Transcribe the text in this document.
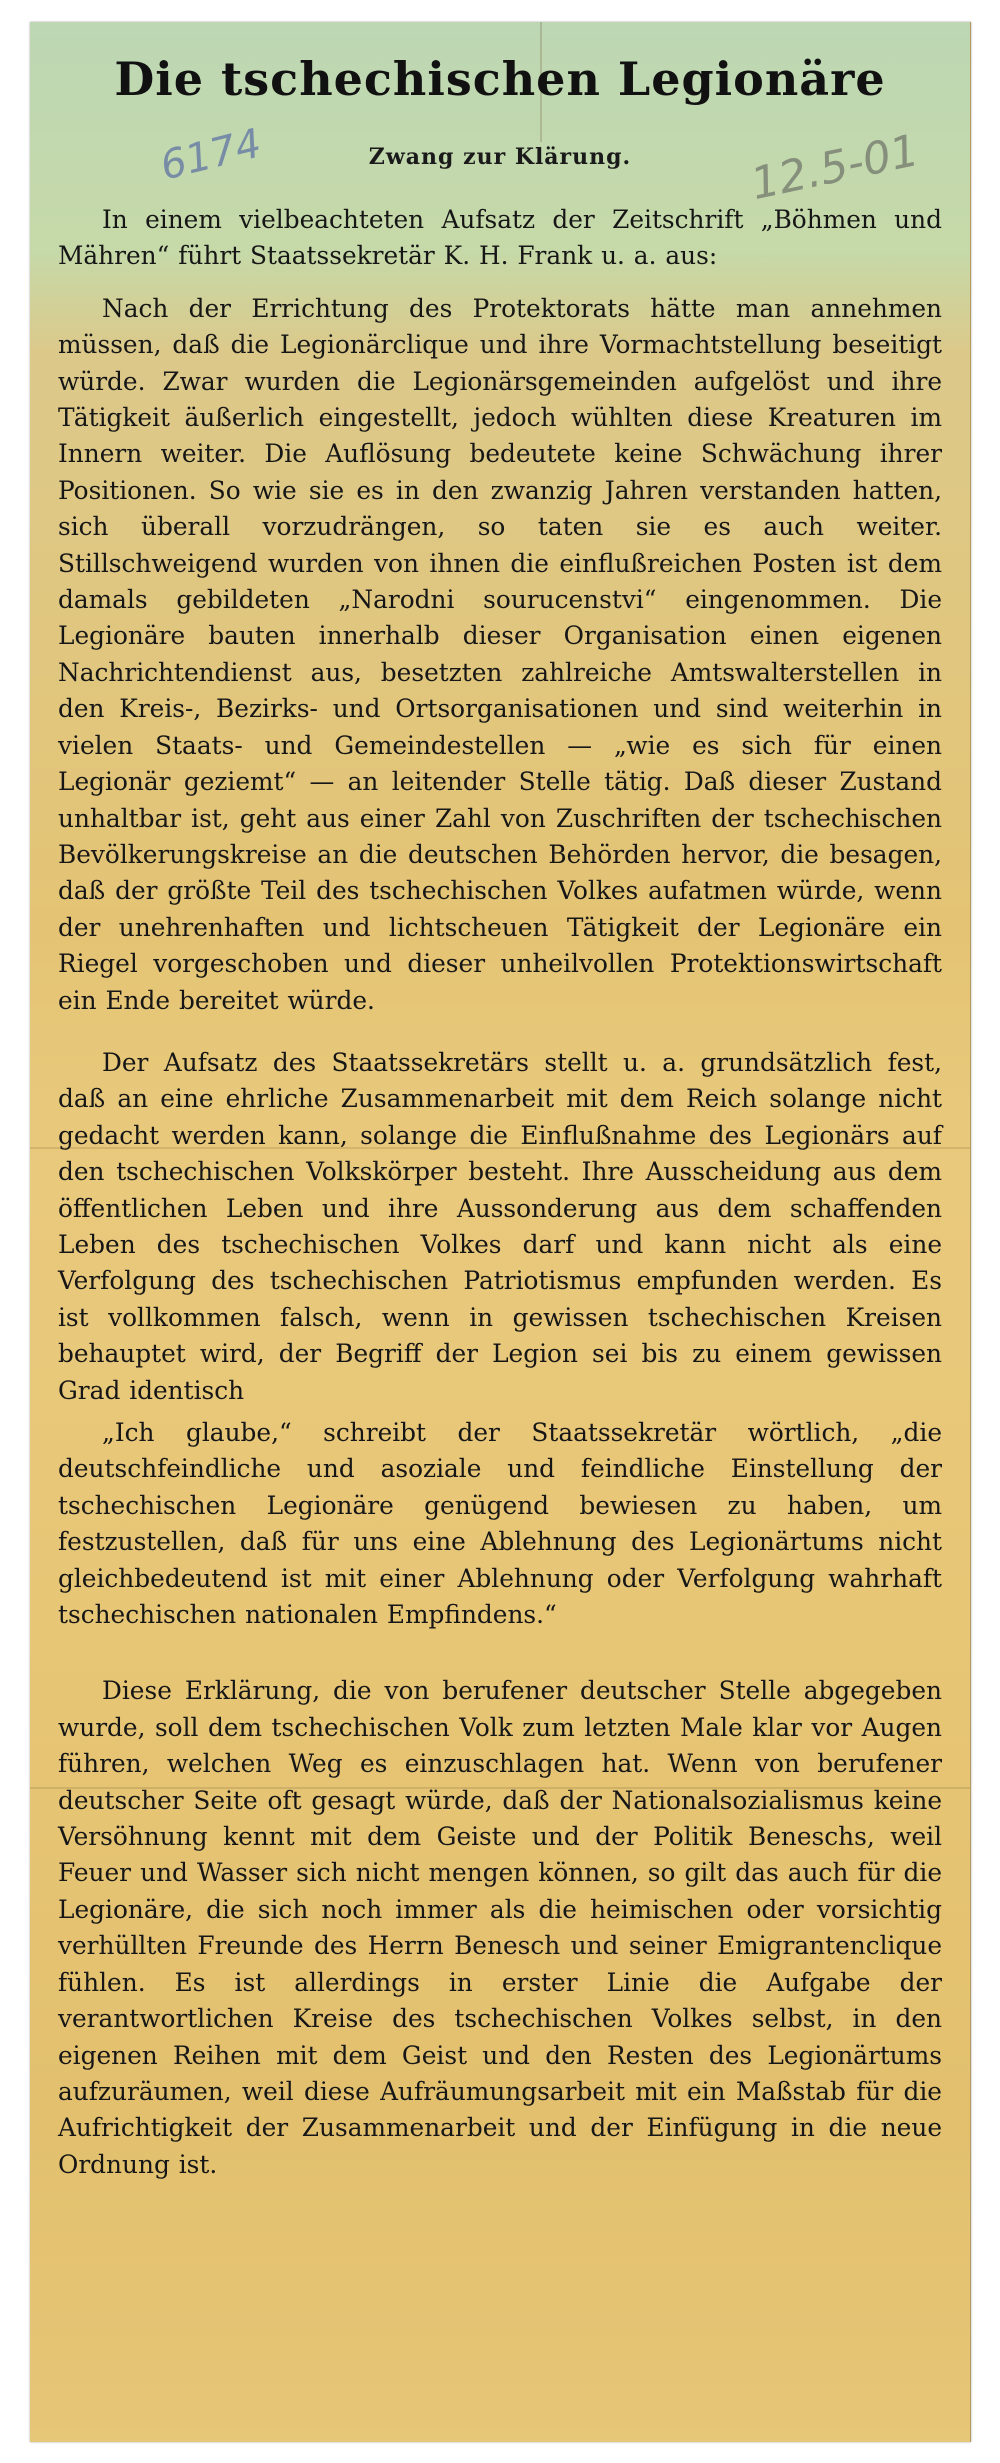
Die tschechischen Legionäre
Zwang zur Klärung.

6174	12.5-01

In einem vielbeachteten Aufsatz der Zeitschrift „Böhmen und Mähren“ führt Staatssekretär K. H. Frank u. a. aus:

Nach der Errichtung des Protektorats hätte man annehmen müssen, daß die Legionärclique und ihre Vormachtstellung beseitigt würde. Zwar wurden die Legionärsgemeinden aufgelöst und ihre Tätigkeit äußerlich eingestellt, jedoch wühlten diese Kreaturen im Innern weiter. Die Auflösung bedeutete keine Schwächung ihrer Positionen. So wie sie es in den zwanzig Jahren verstanden hatten, sich überall vorzudrängen, so taten sie es auch weiter. Stillschweigend wurden von ihnen die einflußreichen Posten ist dem damals gebildeten „Narodni sourucenstvi“ eingenommen. Die Legionäre bauten innerhalb dieser Organisation einen eigenen Nachrichtendienst aus, besetzten zahlreiche Amtswalterstellen in den Kreis-, Bezirks- und Ortsorganisationen und sind weiterhin in vielen Staats- und Gemeindestellen — „wie es sich für einen Legionär geziemt“ — an leitender Stelle tätig. Daß dieser Zustand unhaltbar ist, geht aus einer Zahl von Zuschriften der tschechischen Bevölkerungskreise an die deutschen Behörden hervor, die besagen, daß der größte Teil des tschechischen Volkes aufatmen würde, wenn der unehrenhaften und lichtscheuen Tätigkeit der Legionäre ein Riegel vorgeschoben und dieser unheilvollen Protektionswirtschaft ein Ende bereitet würde.

Der Aufsatz des Staatssekretärs stellt u. a. grundsätzlich fest, daß an eine ehrliche Zusammenarbeit mit dem Reich solange nicht gedacht werden kann, solange die Einflußnahme des Legionärs auf den tschechischen Volkskörper besteht. Ihre Ausscheidung aus dem öffentlichen Leben und ihre Aussonderung aus dem schaffenden Leben des tschechischen Volkes darf und kann nicht als eine Verfolgung des tschechischen Patriotismus empfunden werden. Es ist vollkommen falsch, wenn in gewissen tschechischen Kreisen behauptet wird, der Begriff der Legion sei bis zu einem gewissen Grad identisch

„Ich glaube,“ schreibt der Staatssekretär wörtlich, „die deutschfeindliche und asoziale und feindliche Einstellung der tschechischen Legionäre genügend bewiesen zu haben, um festzustellen, daß für uns eine Ablehnung des Legionärtums nicht gleichbedeutend ist mit einer Ablehnung oder Verfolgung wahrhaft tschechischen nationalen Empfindens.“

Diese Erklärung, die von berufener deutscher Stelle abgegeben wurde, soll dem tschechischen Volk zum letzten Male klar vor Augen führen, welchen Weg es einzuschlagen hat. Wenn von berufener deutscher Seite oft gesagt würde, daß der Nationalsozialismus keine Versöhnung kennt mit dem Geiste und der Politik Beneschs, weil Feuer und Wasser sich nicht mengen können, so gilt das auch für die Legionäre, die sich noch immer als die heimischen oder vorsichtig verhüllten Freunde des Herrn Benesch und seiner Emigrantenclique fühlen. Es ist allerdings in erster Linie die Aufgabe der verantwortlichen Kreise des tschechischen Volkes selbst, in den eigenen Reihen mit dem Geist und den Resten des Legionärtums aufzuräumen, weil diese Aufräumungsarbeit mit ein Maßstab für die Aufrichtigkeit der Zusammenarbeit und der Einfügung in die neue Ordnung ist.
